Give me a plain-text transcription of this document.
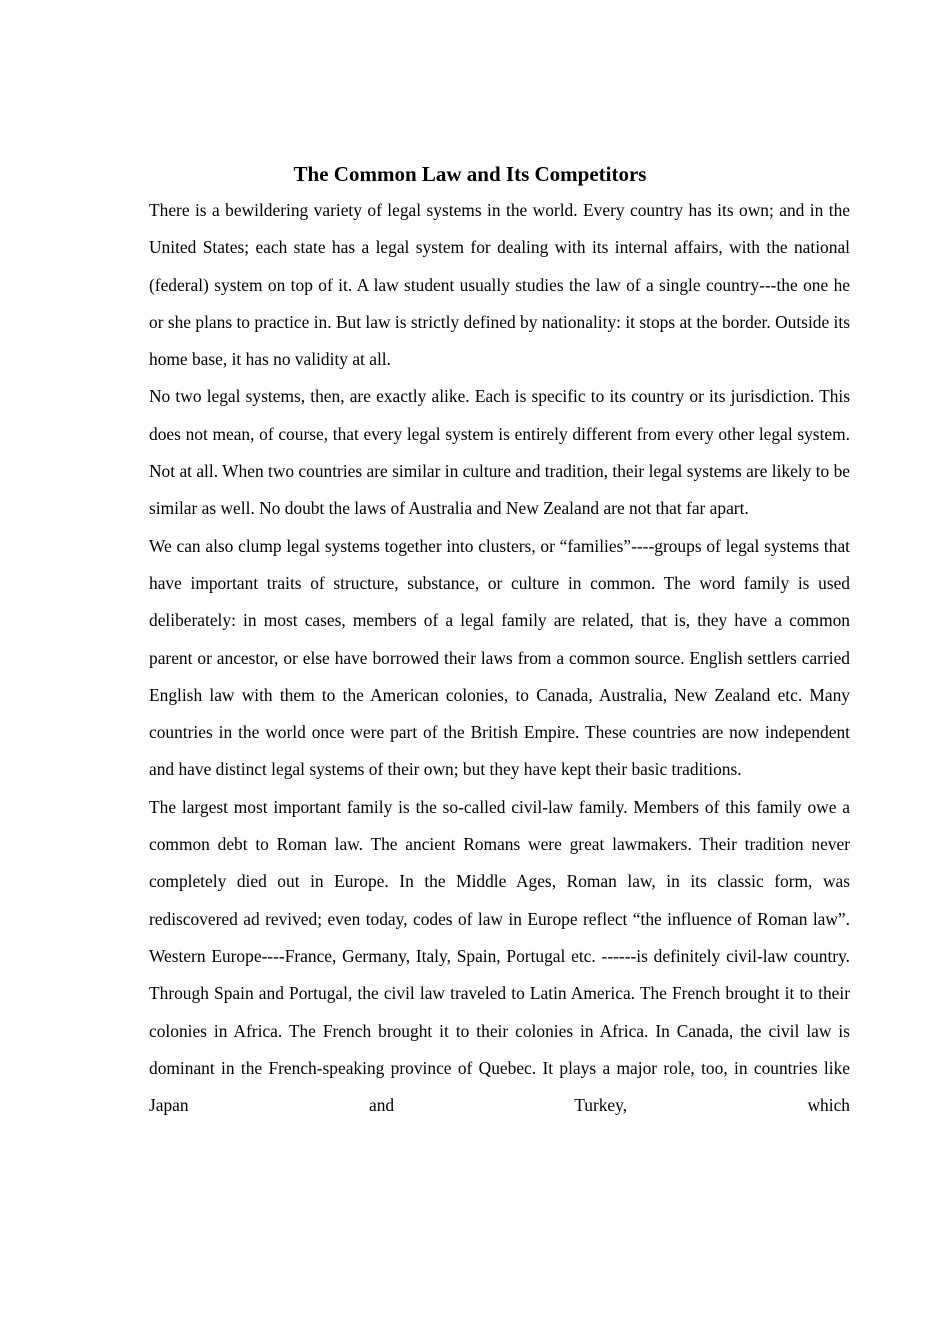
The Common Law and Its Competitors

There is a bewildering variety of legal systems in the world. Every country has its own; and in the United States; each state has a legal system for dealing with its internal affairs, with the national (federal) system on top of it. A law student usually studies the law of a single country---the one he or she plans to practice in. But law is strictly defined by nationality: it stops at the border. Outside its home base, it has no validity at all.

No two legal systems, then, are exactly alike. Each is specific to its country or its jurisdiction. This does not mean, of course, that every legal system is entirely different from every other legal system. Not at all. When two countries are similar in culture and tradition, their legal systems are likely to be similar as well. No doubt the laws of Australia and New Zealand are not that far apart.

We can also clump legal systems together into clusters, or “families”----groups of legal systems that have important traits of structure, substance, or culture in common. The word family is used deliberately: in most cases, members of a legal family are related, that is, they have a common parent or ancestor, or else have borrowed their laws from a common source. English settlers carried English law with them to the American colonies, to Canada, Australia, New Zealand etc. Many countries in the world once were part of the British Empire. These countries are now independent and have distinct legal systems of their own; but they have kept their basic traditions.

The largest most important family is the so-called civil-law family. Members of this family owe a common debt to Roman law. The ancient Romans were great lawmakers. Their tradition never completely died out in Europe. In the Middle Ages, Roman law, in its classic form, was rediscovered ad revived; even today, codes of law in Europe reflect “the influence of Roman law”. Western Europe----France, Germany, Italy, Spain, Portugal etc. ------is definitely civil-law country. Through Spain and Portugal, the civil law traveled to Latin America. The French brought it to their colonies in Africa. The French brought it to their colonies in Africa. In Canada, the civil law is dominant in the French-speaking province of Quebec. It plays a major role, too, in countries like Japan and Turkey, which
